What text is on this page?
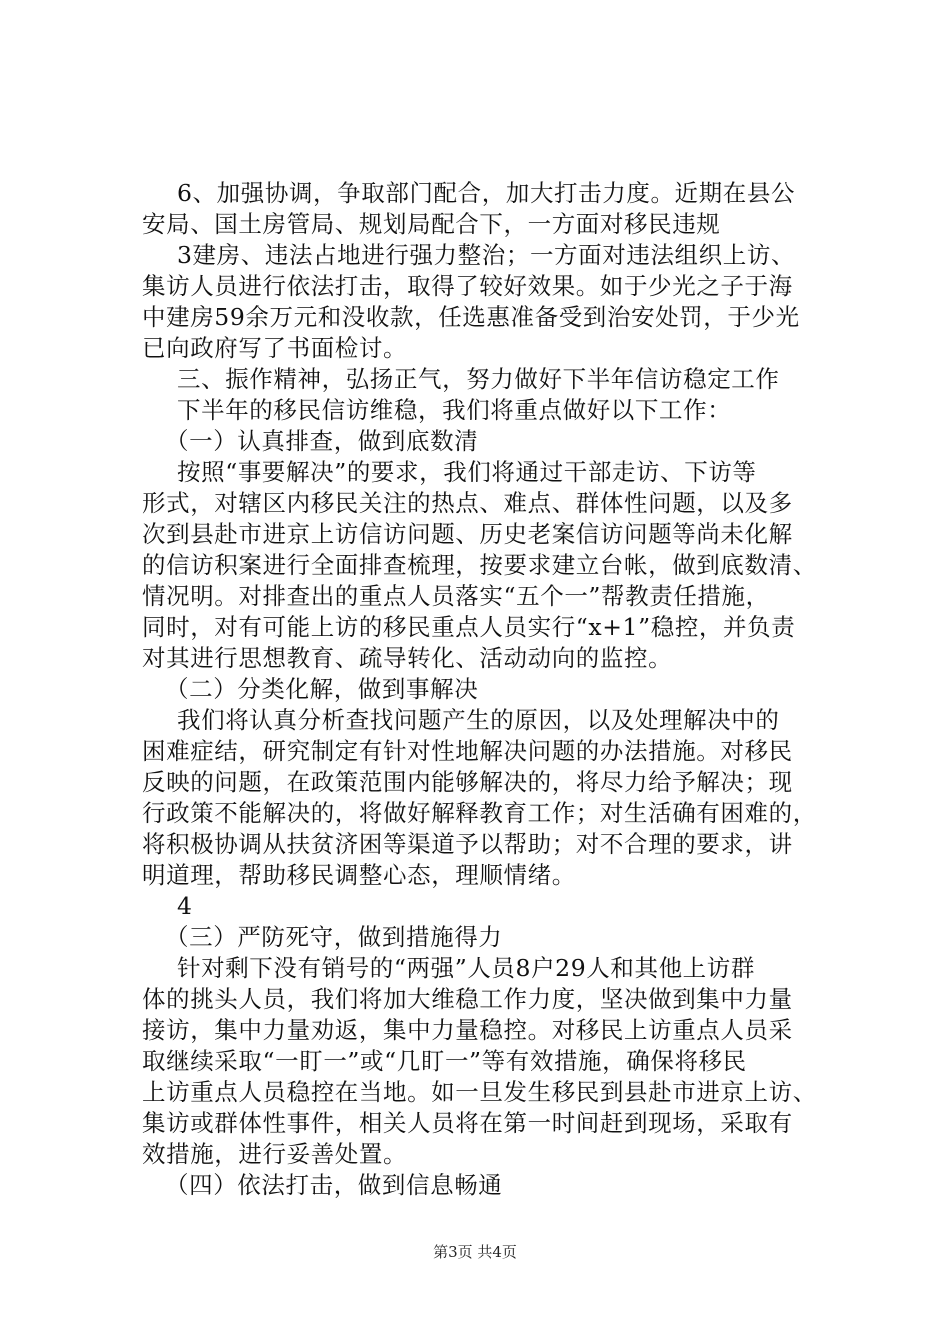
6、加强协调，争取部门配合，加大打击力度。近期在县公
安局、国土房管局、规划局配合下，一方面对移民违规
3建房、违法占地进行强力整治；一方面对违法组织上访、
集访人员进行依法打击，取得了较好效果。如于少光之子于海
中建房59余万元和没收款，任选惠准备受到治安处罚，于少光
已向政府写了书面检讨。
三、振作精神，弘扬正气，努力做好下半年信访稳定工作
下半年的移民信访维稳，我们将重点做好以下工作：
（一）认真排查，做到底数清
按照“事要解决”的要求，我们将通过干部走访、下访等
形式，对辖区内移民关注的热点、难点、群体性问题，以及多
次到县赴市进京上访信访问题、历史老案信访问题等尚未化解
的信访积案进行全面排查梳理，按要求建立台帐，做到底数清、
情况明。对排查出的重点人员落实“五个一”帮教责任措施，
同时，对有可能上访的移民重点人员实行“x+1”稳控，并负责
对其进行思想教育、疏导转化、活动动向的监控。
（二）分类化解，做到事解决
我们将认真分析查找问题产生的原因，以及处理解决中的
困难症结，研究制定有针对性地解决问题的办法措施。对移民
反映的问题，在政策范围内能够解决的，将尽力给予解决；现
行政策不能解决的，将做好解释教育工作；对生活确有困难的，
将积极协调从扶贫济困等渠道予以帮助；对不合理的要求，讲
明道理，帮助移民调整心态，理顺情绪。
4
（三）严防死守，做到措施得力
针对剩下没有销号的“两强”人员8户29人和其他上访群
体的挑头人员，我们将加大维稳工作力度，坚决做到集中力量
接访，集中力量劝返，集中力量稳控。对移民上访重点人员采
取继续采取“一盯一”或“几盯一”等有效措施，确保将移民
上访重点人员稳控在当地。如一旦发生移民到县赴市进京上访、
集访或群体性事件，相关人员将在第一时间赶到现场，采取有
效措施，进行妥善处置。
（四）依法打击，做到信息畅通
第3页 共4页
